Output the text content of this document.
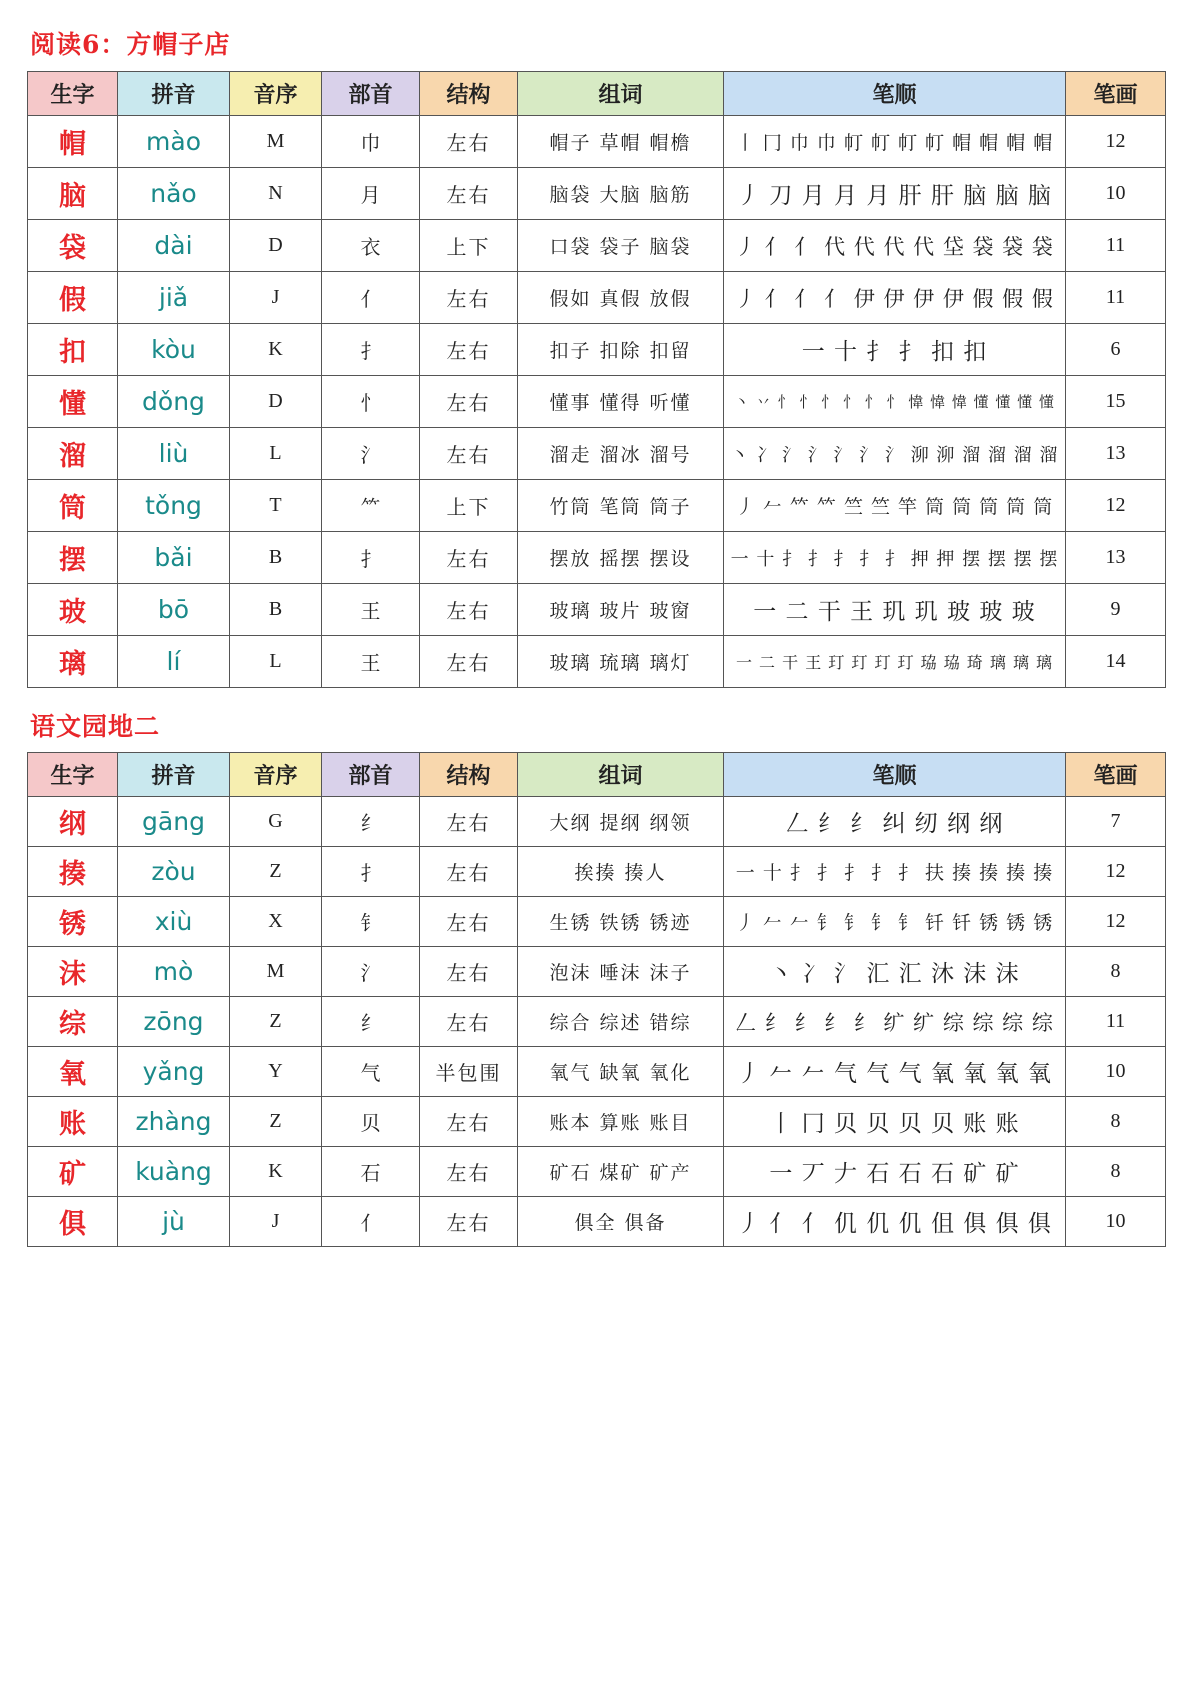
阅读6：方帽子店
生字	拼音	音序	部首	结构	组词	笔顺	笔画
帽	mào	M	巾	左右	帽子 草帽 帽檐	丨 冂 巾 巾 帄 帄 帄 帄 帽 帽 帽 帽	12
脑	nǎo	N	月	左右	脑袋 大脑 脑筋	丿 刀 月 月 月 肝 肝 脑 脑 脑	10
袋	dài	D	衣	上下	口袋 袋子 脑袋	丿 亻 亻 代 代 代 代 垈 袋 袋 袋	11
假	jiǎ	J	亻	左右	假如 真假 放假	丿 亻 亻 亻 伊 伊 伊 伊 假 假 假	11
扣	kòu	K	扌	左右	扣子 扣除 扣留	一 十 扌 扌 扣 扣	6
懂	dǒng	D	忄	左右	懂事 懂得 听懂	丶 丷 忄 忄 忄 忄 忄 忄 愇 愇 愇 懂 懂 懂 懂	15
溜	liù	L	氵	左右	溜走 溜冰 溜号	丶 冫 氵 氵 氵 氵 氵 泖 泖 溜 溜 溜 溜	13
筒	tǒng	T	⺮	上下	竹筒 笔筒 筒子	丿 𠂉 𥫗 𥫗 竺 竺 竿 筒 筒 筒 筒 筒	12
摆	bǎi	B	扌	左右	摆放 摇摆 摆设	一 十 扌 扌 扌 扌 扌 押 押 摆 摆 摆 摆	13
玻	bō	B	王	左右	玻璃 玻片 玻窗	一 二 干 王 玑 玑 玻 玻 玻	9
璃	lí	L	王	左右	玻璃 琉璃 璃灯	一 二 干 王 玎 玎 玎 玎 珕 珕 琦 璃 璃 璃	14
语文园地二
生字	拼音	音序	部首	结构	组词	笔顺	笔画
纲	gāng	G	纟	左右	大纲 提纲 纲领	𠃋 纟 纟 纠 纫 纲 纲	7
揍	zòu	Z	扌	左右	挨揍 揍人	一 十 扌 扌 扌 扌 扌 扶 揍 揍 揍 揍	12
锈	xiù	X	钅	左右	生锈 铁锈 锈迹	丿 𠂉 𠂉 钅 钅 钅 钅 钎 钎 锈 锈 锈	12
沫	mò	M	氵	左右	泡沫 唾沫 沫子	丶 冫 氵 汇 汇 沐 沫 沫	8
综	zōng	Z	纟	左右	综合 综述 错综	𠃋 纟 纟 纟 纟 纩 纩 综 综 综 综	11
氧	yǎng	Y	气	半包围	氧气 缺氧 氧化	丿 𠂉 𠂉 气 气 气 氧 氧 氧 氧	10
账	zhàng	Z	贝	左右	账本 算账 账目	丨 冂 贝 贝 贝 贝 账 账	8
矿	kuàng	K	石	左右	矿石 煤矿 矿产	一 丆 𠂇 石 石 石 矿 矿	8
俱	jù	J	亻	左右	俱全 俱备	丿 亻 亻 仉 仉 仉 伹 俱 俱 俱	10
